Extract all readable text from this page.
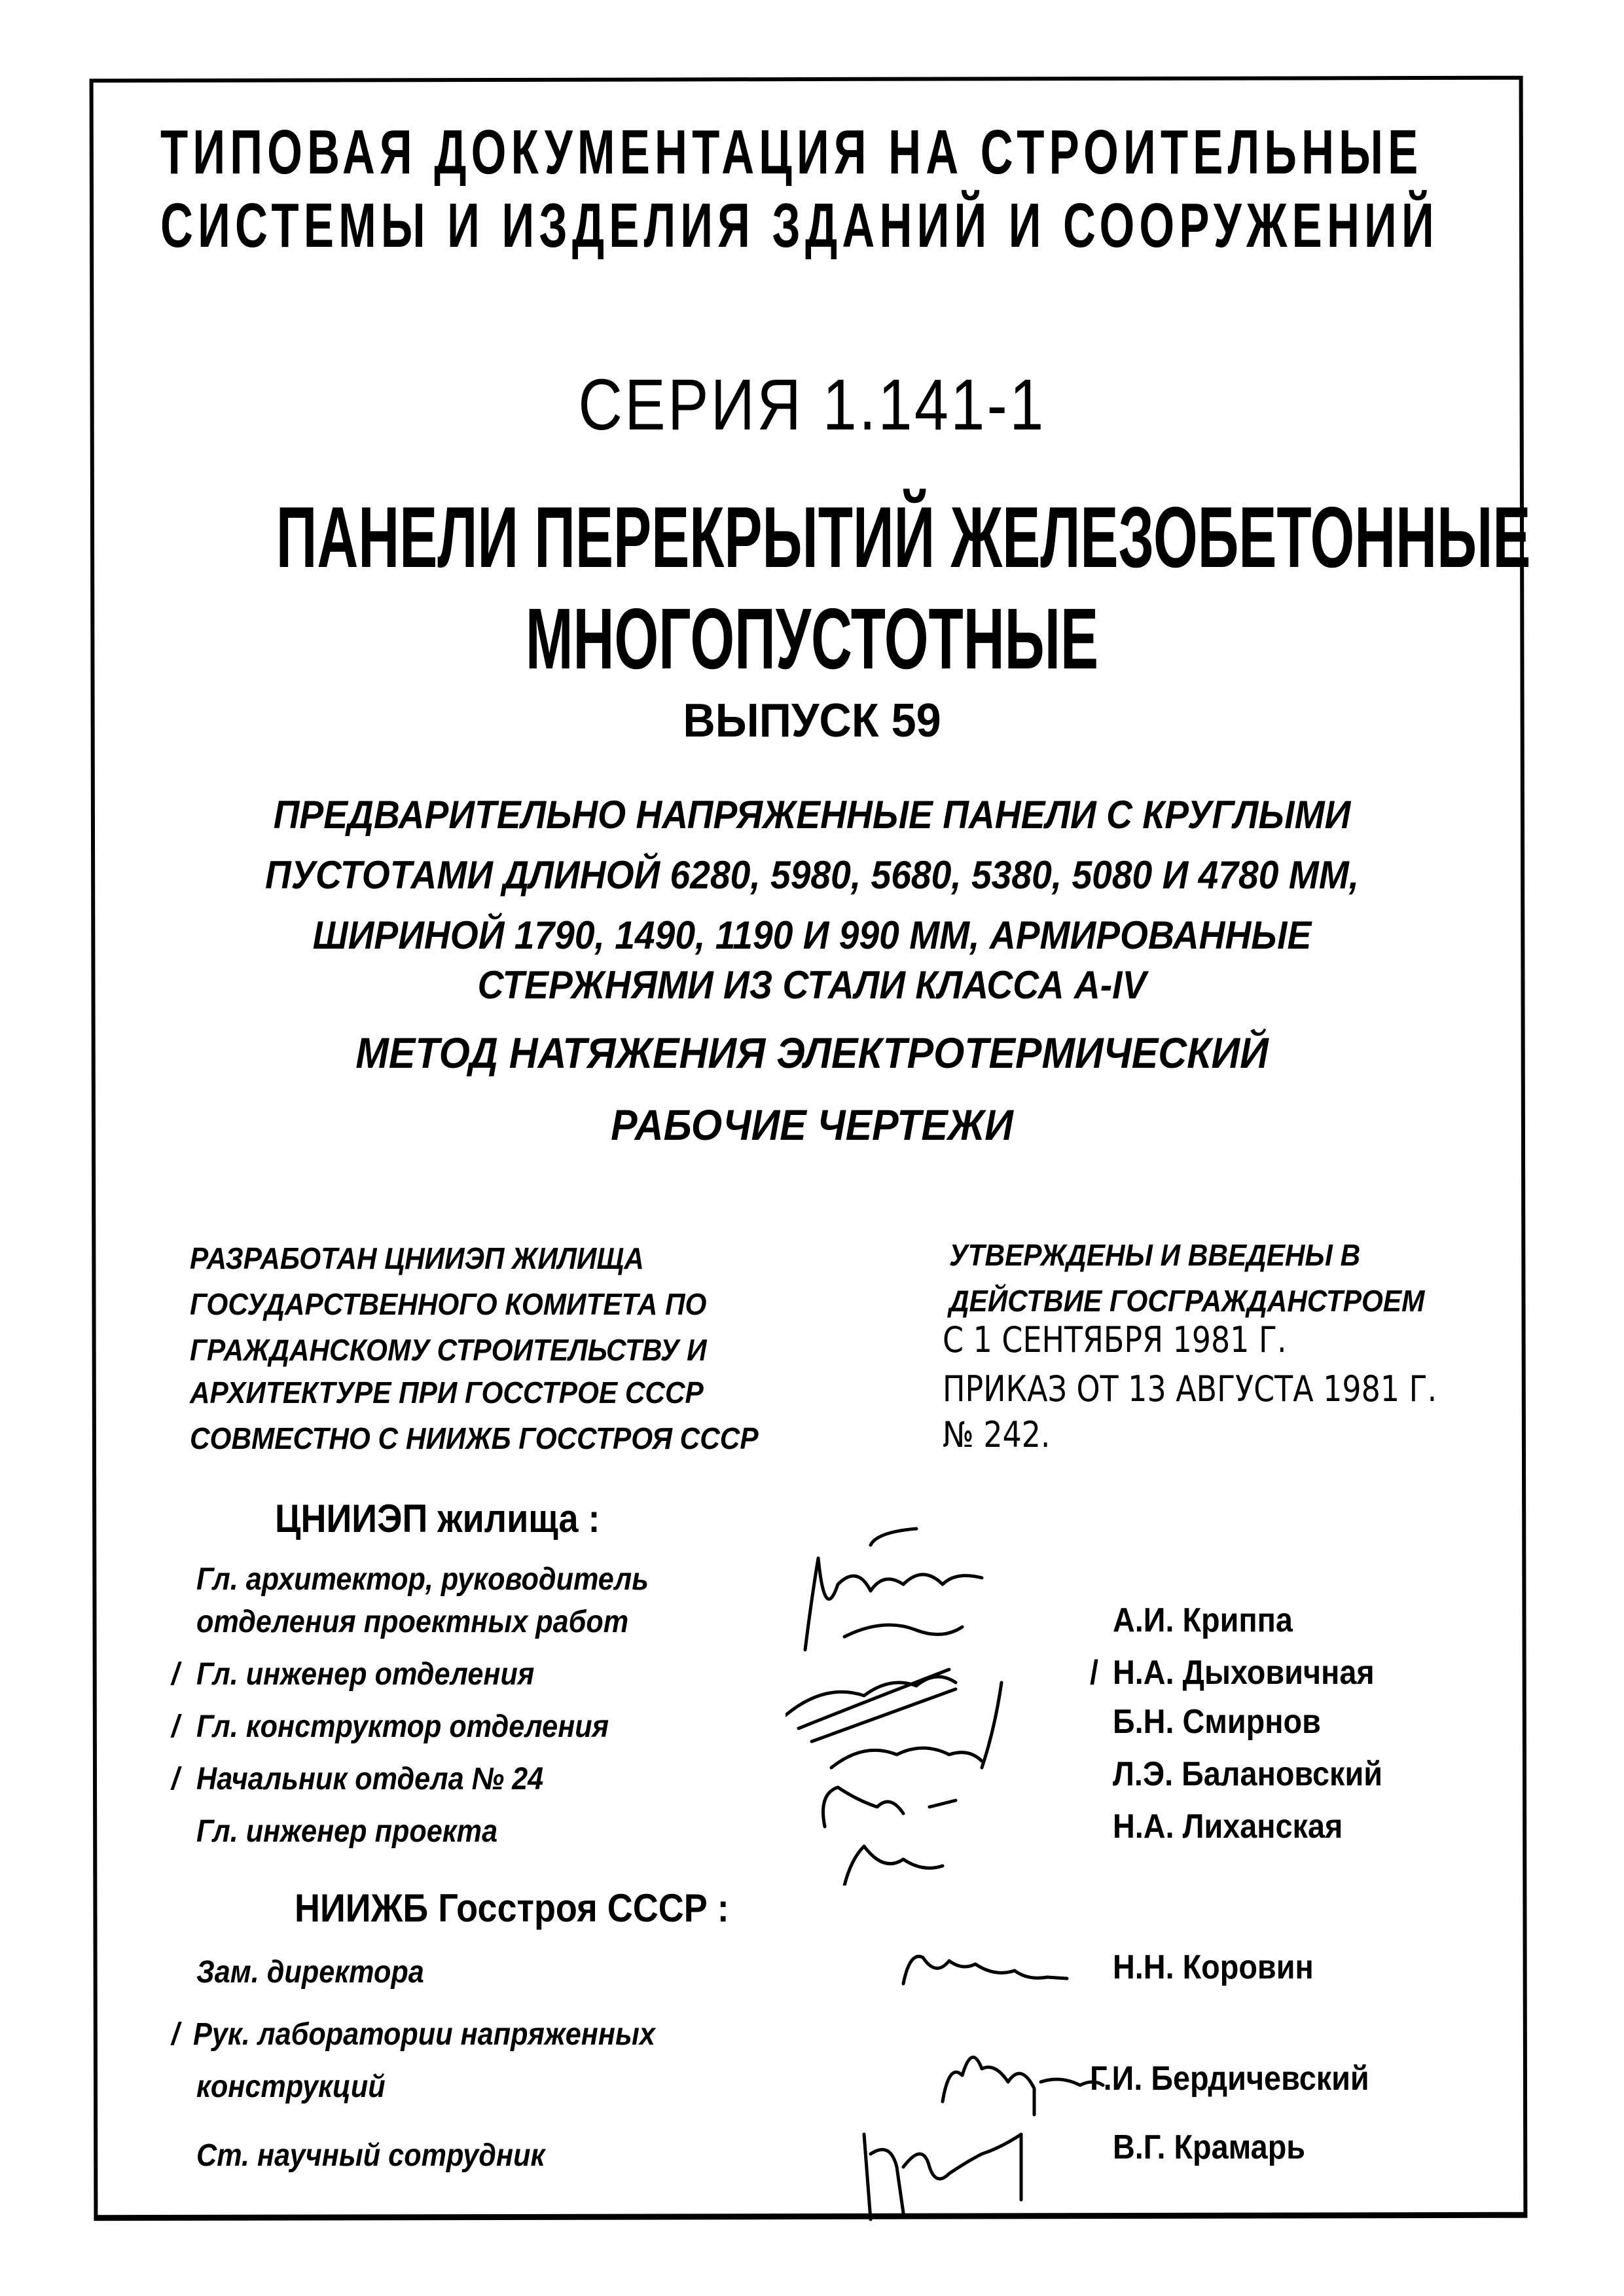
ТИПОВАЯ ДОКУМЕНТАЦИЯ НА СТРОИТЕЛЬНЫЕ
СИСТЕМЫ И ИЗДЕЛИЯ ЗДАНИЙ И СООРУЖЕНИЙ
СЕРИЯ 1.141-1
ПАНЕЛИ ПЕРЕКРЫТИЙ ЖЕЛЕЗОБЕТОННЫЕ
МНОГОПУСТОТНЫЕ
ВЫПУСК 59
ПРЕДВАРИТЕЛЬНО НАПРЯЖЕННЫЕ ПАНЕЛИ С КРУГЛЫМИ
ПУСТОТАМИ ДЛИНОЙ 6280, 5980, 5680, 5380, 5080 И 4780 ММ,
ШИРИНОЙ 1790, 1490, 1190 И 990 ММ, АРМИРОВАННЫЕ
СТЕРЖНЯМИ ИЗ СТАЛИ КЛАССА А-IV
МЕТОД НАТЯЖЕНИЯ ЭЛЕКТРОТЕРМИЧЕСКИЙ
РАБОЧИЕ ЧЕРТЕЖИ
РАЗРАБОТАН ЦНИИЭП ЖИЛИЩА
ГОСУДАРСТВЕННОГО КОМИТЕТА ПО
ГРАЖДАНСКОМУ СТРОИТЕЛЬСТВУ И
АРХИТЕКТУРЕ ПРИ ГОССТРОЕ СССР
СОВМЕСТНО С НИИЖБ ГОССТРОЯ СССР
УТВЕРЖДЕНЫ И ВВЕДЕНЫ В
ДЕЙСТВИЕ ГОСГРАЖДАНСТРОЕМ
С 1 СЕНТЯБРЯ 1981 Г.
ПРИКАЗ ОТ 13 АВГУСТА 1981 Г.
№ 242.
ЦНИИЭП жилища :
Гл. архитектор, руководитель
отделения проектных работ	А.И. Криппа
/ Гл. инженер отделения	/ Н.А. Дыховичная
/ Гл. конструктор отделения	Б.Н. Смирнов
/ Начальник отдела № 24	Л.Э. Балановский
Гл. инженер проекта	Н.А. Лиханская
НИИЖБ Госстроя СССР :
Зам. директора	Н.Н. Коровин
/ Рук. лаборатории напряженных
конструкций	Г.И. Бердичевский
Ст. научный сотрудник	В.Г. Крамарь
